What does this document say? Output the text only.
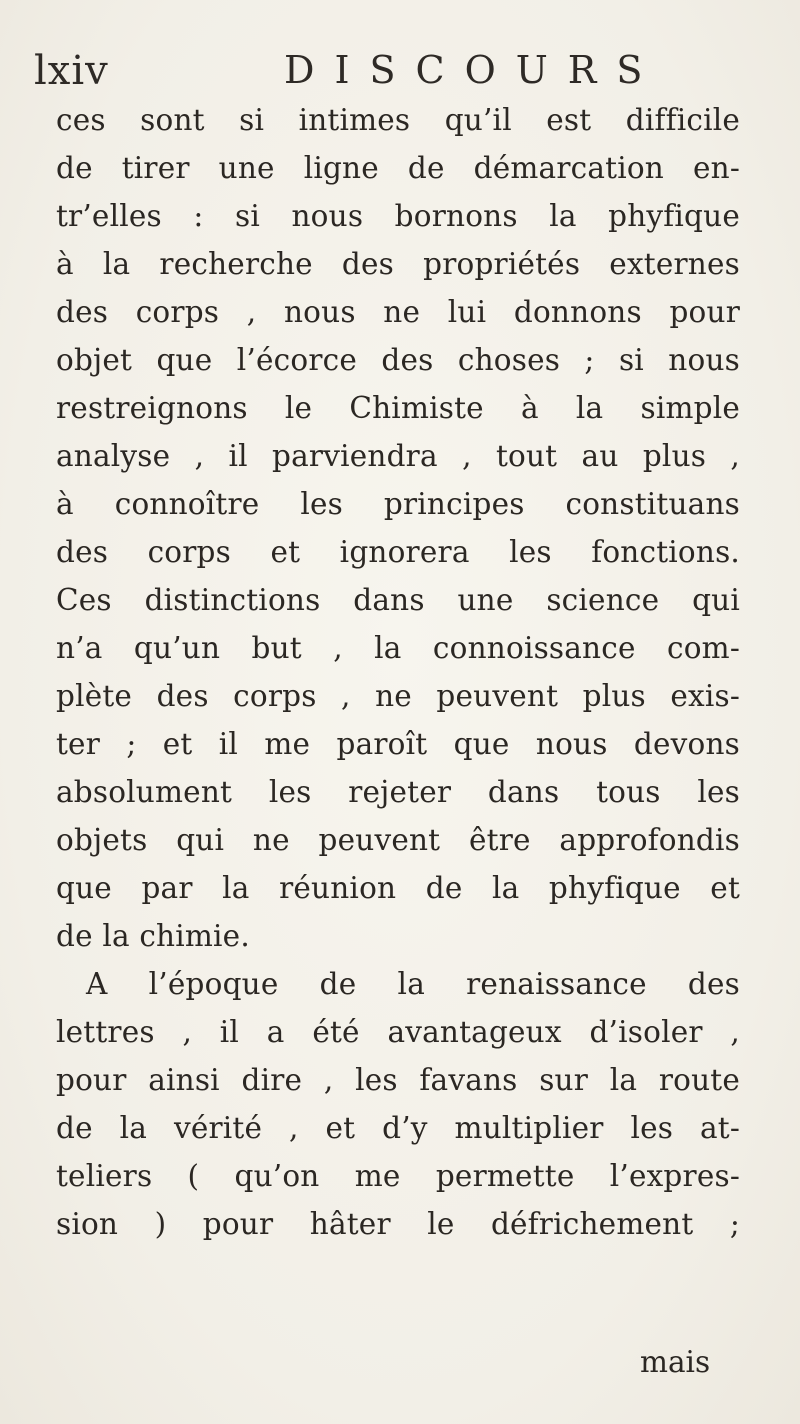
lxiv	DISCOURS
ces sont si intimes qu’il est difficile
de tirer une ligne de démarcation en-
tr’elles : si nous bornons la phyfique
à la recherche des propriétés externes
des corps , nous ne lui donnons pour
objet que l’écorce des choses ; si nous
restreignons le Chimiste à la simple
analyse , il parviendra , tout au plus ,
à connoître les principes constituans
des corps et ignorera les fonctions.
Ces distinctions dans une science qui
n’a qu’un but , la connoissance com-
plète des corps , ne peuvent plus exis-
ter ; et il me paroît que nous devons
absolument les rejeter dans tous les
objets qui ne peuvent être approfondis
que par la réunion de la phyfique et
de la chimie.
A l’époque de la renaissance des
lettres , il a été avantageux d’isoler ,
pour ainsi dire , les favans sur la route
de la vérité , et d’y multiplier les at-
teliers ( qu’on me permette l’expres-
sion ) pour hâter le défrichement ;
mais
